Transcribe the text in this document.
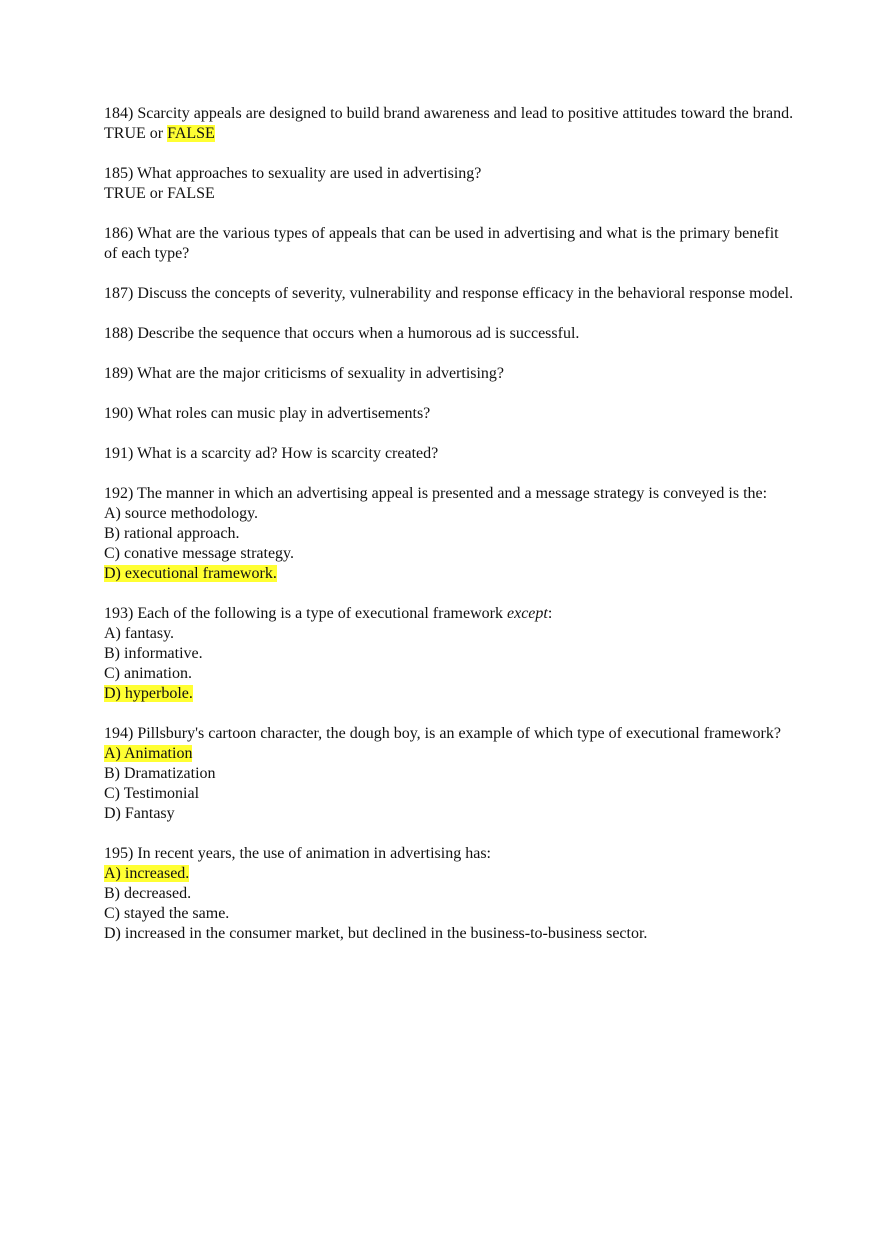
184) Scarcity appeals are designed to build brand awareness and lead to positive attitudes toward the brand.
TRUE or FALSE
185) What approaches to sexuality are used in advertising?
TRUE or FALSE
186) What are the various types of appeals that can be used in advertising and what is the primary benefit of each type?
187) Discuss the concepts of severity, vulnerability and response efficacy in the behavioral response model.
188) Describe the sequence that occurs when a humorous ad is successful.
189) What are the major criticisms of sexuality in advertising?
190) What roles can music play in advertisements?
191) What is a scarcity ad? How is scarcity created?
192) The manner in which an advertising appeal is presented and a message strategy is conveyed is the:
A) source methodology.
B) rational approach.
C) conative message strategy.
D) executional framework.
193) Each of the following is a type of executional framework except:
A) fantasy.
B) informative.
C) animation.
D) hyperbole.
194) Pillsbury's cartoon character, the dough boy, is an example of which type of executional framework?
A) Animation
B) Dramatization
C) Testimonial
D) Fantasy
195) In recent years, the use of animation in advertising has:
A) increased.
B) decreased.
C) stayed the same.
D) increased in the consumer market, but declined in the business-to-business sector.
